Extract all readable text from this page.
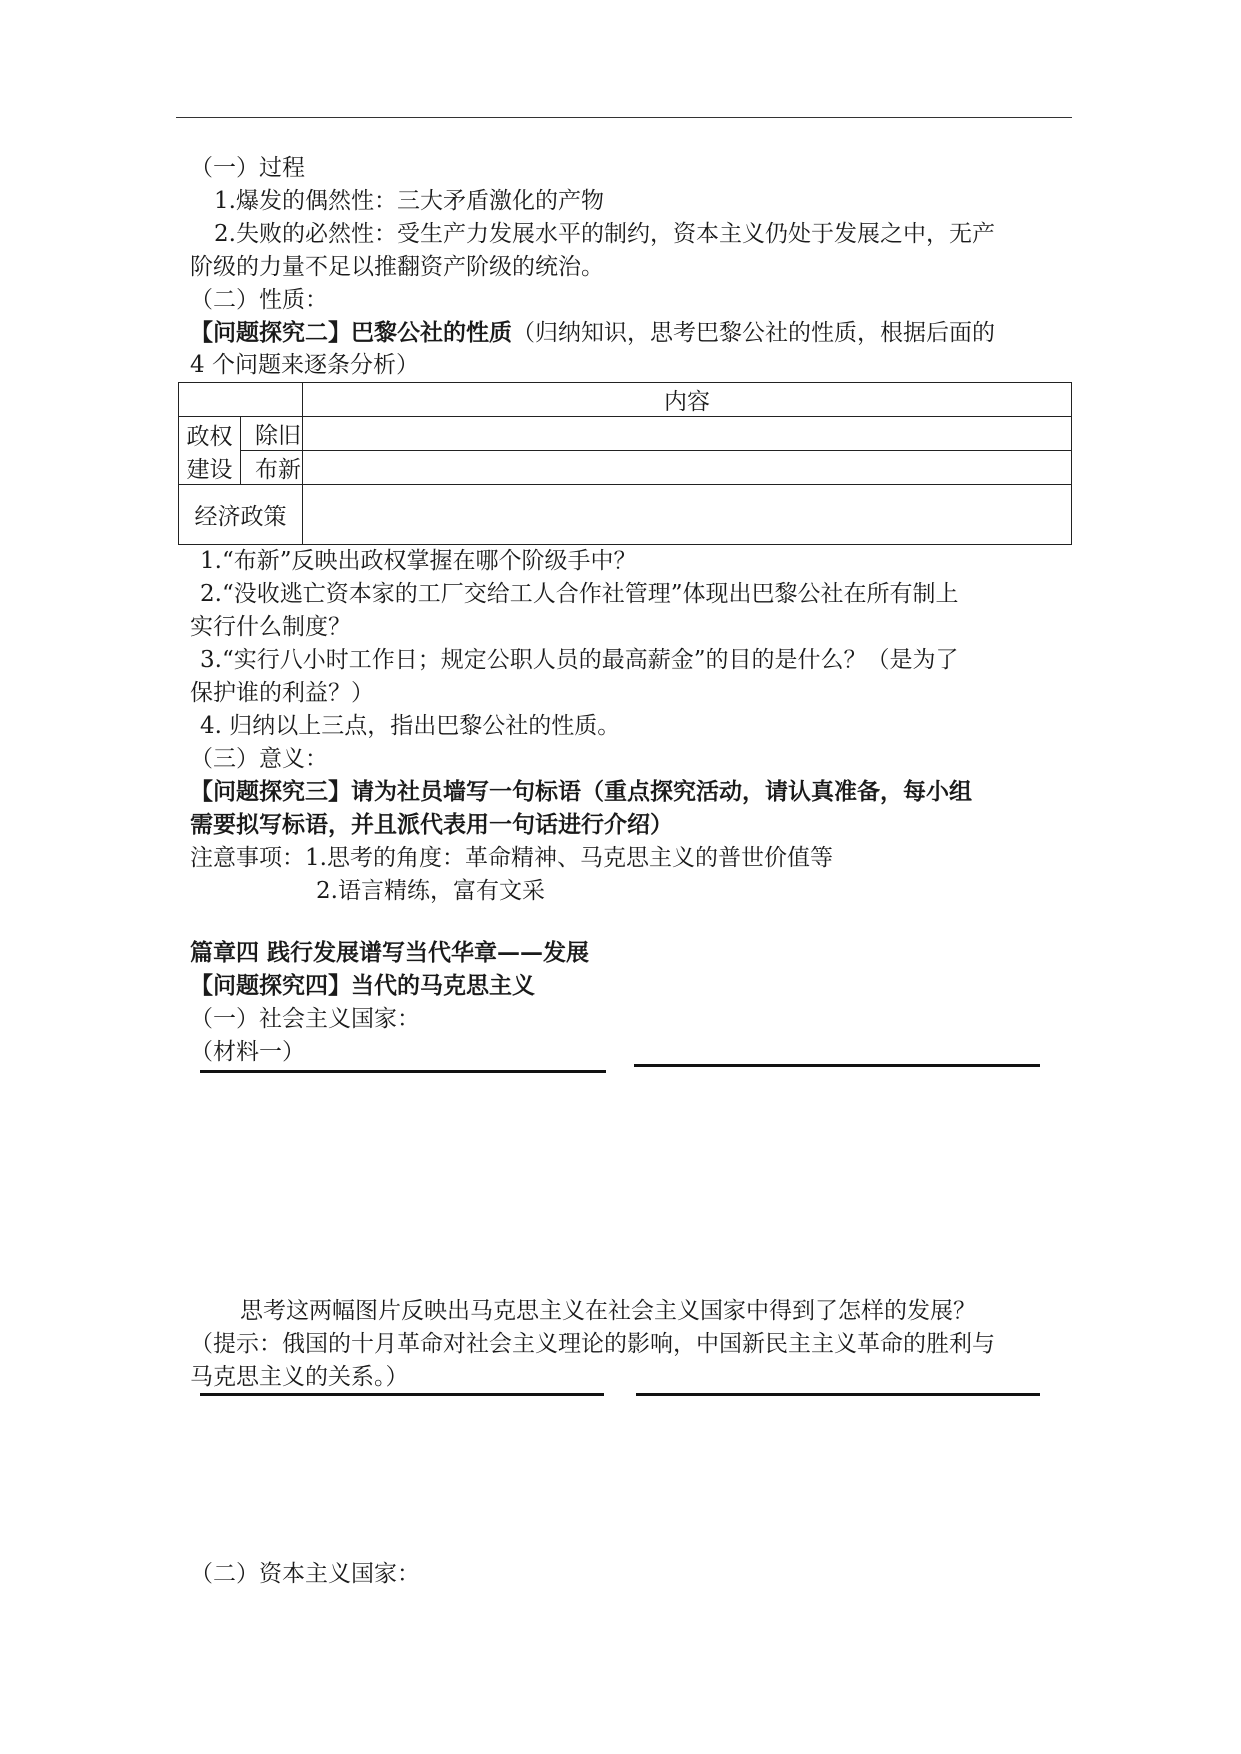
（一）过程
1.爆发的偶然性：三大矛盾激化的产物
2.失败的必然性：受生产力发展水平的制约，资本主义仍处于发展之中，无产
阶级的力量不足以推翻资产阶级的统治。
（二）性质：
【问题探究二】巴黎公社的性质（归纳知识，思考巴黎公社的性质，根据后面的
4 个问题来逐条分析）
		内容
政权建设	除旧	
	布新	
经济政策		
1.“布新”反映出政权掌握在哪个阶级手中？
2.“没收逃亡资本家的工厂交给工人合作社管理”体现出巴黎公社在所有制上
实行什么制度？
3.“实行八小时工作日；规定公职人员的最高薪金”的目的是什么？（是为了
保护谁的利益？）
4. 归纳以上三点，指出巴黎公社的性质。
（三）意义：
【问题探究三】请为社员墙写一句标语（重点探究活动，请认真准备，每小组
需要拟写标语，并且派代表用一句话进行介绍）
注意事项：1.思考的角度：革命精神、马克思主义的普世价值等
2.语言精练，富有文采
篇章四 践行发展谱写当代华章——发展
【问题探究四】当代的马克思主义
（一）社会主义国家：
（材料一）
思考这两幅图片反映出马克思主义在社会主义国家中得到了怎样的发展？
（提示：俄国的十月革命对社会主义理论的影响，中国新民主主义革命的胜利与
马克思主义的关系。）
（二）资本主义国家：
